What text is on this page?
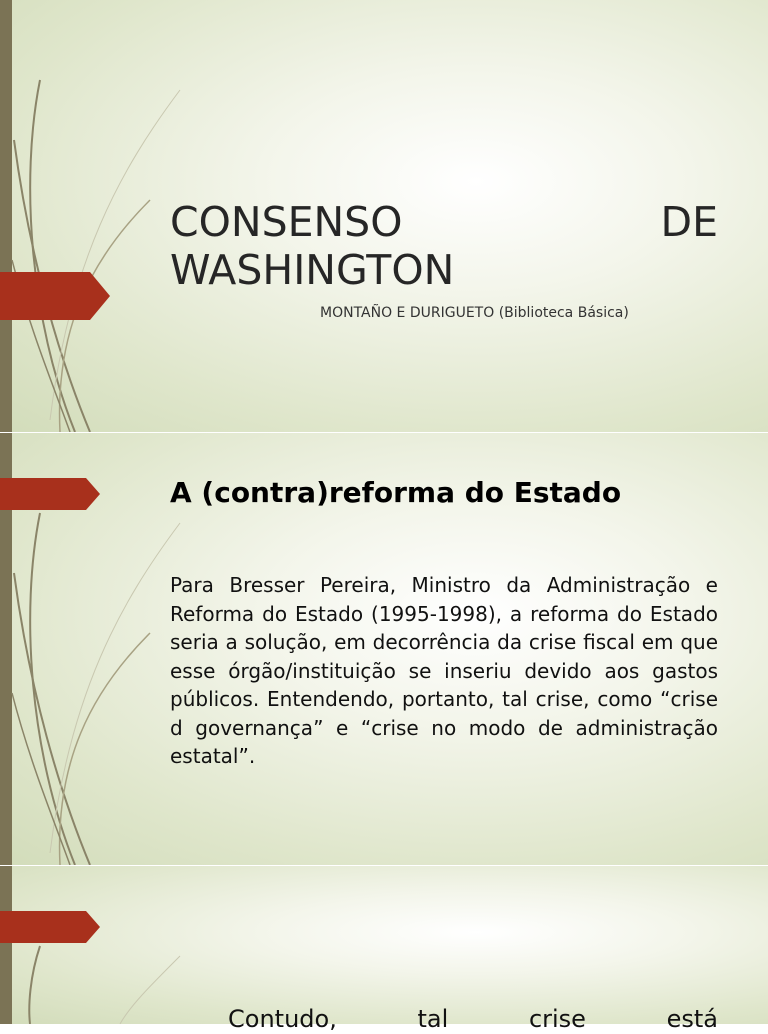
CONSENSO	DE
WASHINGTON
MONTAÑO E DURIGUETO (Biblioteca Básica)
A (contra)reforma do Estado

Para Bresser Pereira, Ministro da Administração e Reforma do Estado (1995-1998), a reforma do Estado seria a solução, em decorrência da crise fiscal em que esse órgão/instituição se inseriu devido aos gastos públicos. Entendendo, portanto, tal crise, como “crise d governança” e “crise no modo de administração estatal”.

Contudo,	tal	crise	está
